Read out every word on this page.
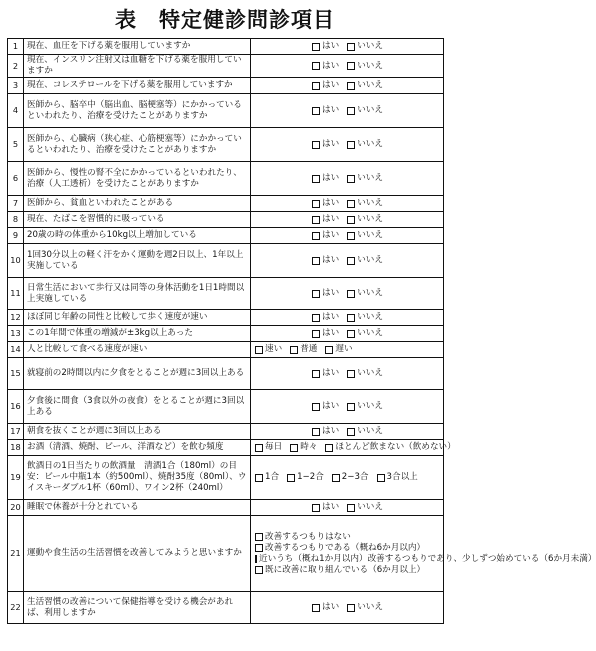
表　特定健診問診項目
1	現在、血圧を下げる薬を服用していますか	はい いいえ

2	現在、インスリン注射又は血糖を下げる薬を服用していますか	はい いいえ

3	現在、コレステロールを下げる薬を服用していますか	はい いいえ

4	医師から、脳卒中（脳出血、脳梗塞等）にかかっているといわれたり、治療を受けたことがありますか	はい いいえ

5	医師から、心臓病（狭心症、心筋梗塞等）にかかっているといわれたり、治療を受けたことがありますか	はい いいえ

6	医師から、慢性の腎不全にかかっているといわれたり、治療（人工透析）を受けたことがありますか	はい いいえ

7	医師から、貧血といわれたことがある	はい いいえ

8	現在、たばこを習慣的に吸っている	はい いいえ

9	20歳の時の体重から10kg以上増加している	はい いいえ

10	1回30分以上の軽く汗をかく運動を週2日以上、1年以上実施している	はい いいえ

11	日常生活において歩行又は同等の身体活動を1日1時間以上実施している	はい いいえ

12	ほぼ同じ年齢の同性と比較して歩く速度が速い	はい いいえ

13	この1年間で体重の増減が±3kg以上あった	はい いいえ

14	人と比較して食べる速度が速い	速い 普通 遅い

15	就寝前の2時間以内に夕食をとることが週に3回以上ある	はい いいえ

16	夕食後に間食（3食以外の夜食）をとることが週に3回以上ある	はい いいえ

17	朝食を抜くことが週に3回以上ある	はい いいえ

18	お酒（清酒、焼酎、ビール、洋酒など）を飲む頻度	毎日 時々 ほとんど飲まない（飲めない）

19	飲酒日の1日当たりの飲酒量　清酒1合（180ml）の目安：ビール中瓶1本（約500ml）、焼酎35度（80ml）、ウイスキーダブル1杯（60ml）、ワイン2杯（240ml）	1合 1−2合 2−3合 3合以上

20	睡眠で休養が十分とれている	はい いいえ

21	運動や食生活の生活習慣を改善してみようと思いますか	改善するつもりはない
改善するつもりである（概ね6か月以内）
近いうち（概ね1か月以内）改善するつもりであり、少しずつ始めている（6か月未満）
既に改善に取り組んでいる（6か月以上）

22	生活習慣の改善について保健指導を受ける機会があれば、利用しますか	はい いいえ
